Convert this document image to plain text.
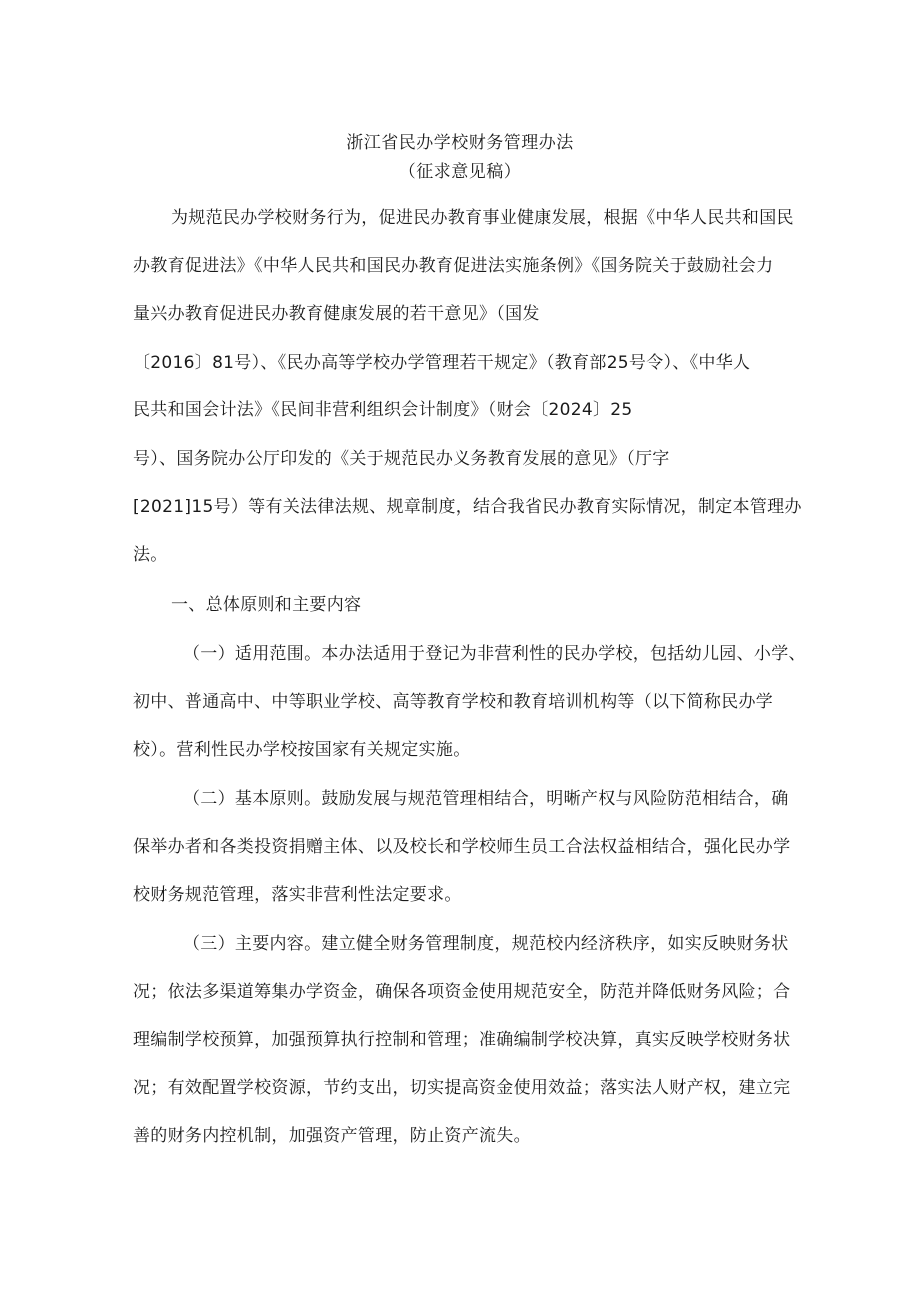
浙江省民办学校财务管理办法
（征求意见稿）
为规范民办学校财务行为，促进民办教育事业健康发展，根据《中华人民共和国民
办教育促进法》《中华人民共和国民办教育促进法实施条例》《国务院关于鼓励社会力
量兴办教育促进民办教育健康发展的若干意见》（国发
〔2016〕81号）、《民办高等学校办学管理若干规定》（教育部25号令）、《中华人
民共和国会计法》《民间非营利组织会计制度》（财会〔2024〕25
号）、国务院办公厅印发的《关于规范民办义务教育发展的意见》（厅字
[2021]15号）等有关法律法规、规章制度，结合我省民办教育实际情况，制定本管理办
法。
一、总体原则和主要内容
（一）适用范围。本办法适用于登记为非营利性的民办学校，包括幼儿园、小学、
初中、普通高中、中等职业学校、高等教育学校和教育培训机构等（以下简称民办学
校）。营利性民办学校按国家有关规定实施。
（二）基本原则。鼓励发展与规范管理相结合，明晰产权与风险防范相结合，确
保举办者和各类投资捐赠主体、以及校长和学校师生员工合法权益相结合，强化民办学
校财务规范管理，落实非营利性法定要求。
（三）主要内容。建立健全财务管理制度，规范校内经济秩序，如实反映财务状
况；依法多渠道筹集办学资金，确保各项资金使用规范安全，防范并降低财务风险；合
理编制学校预算，加强预算执行控制和管理；准确编制学校决算，真实反映学校财务状
况；有效配置学校资源，节约支出，切实提高资金使用效益；落实法人财产权，建立完
善的财务内控机制，加强资产管理，防止资产流失。
